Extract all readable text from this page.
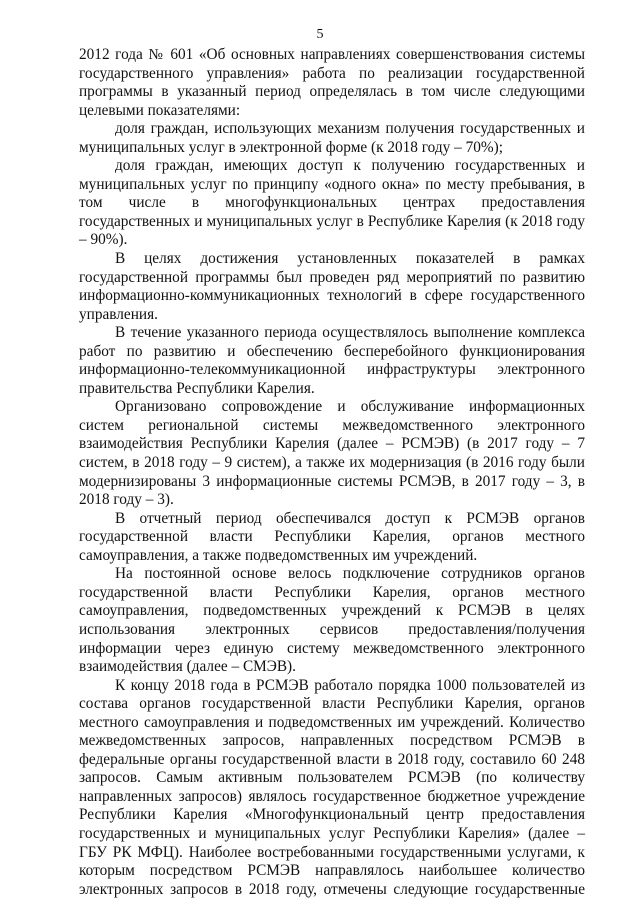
5

2012 года № 601 «Об основных направлениях совершенствования системы государственного управления» работа по реализации государственной программы в указанный период определялась в том числе следующими целевыми показателями:

доля граждан, использующих механизм получения государственных и муниципальных услуг в электронной форме (к 2018 году – 70%);

доля граждан, имеющих доступ к получению государственных и муниципальных услуг по принципу «одного окна» по месту пребывания, в том числе в многофункциональных центрах предоставления государственных и муниципальных услуг в Республике Карелия (к 2018 году – 90%).

В целях достижения установленных показателей в рамках государственной программы был проведен ряд мероприятий по развитию информационно-коммуникационных технологий в сфере государственного управления.

В течение указанного периода осуществлялось выполнение комплекса работ по развитию и обеспечению бесперебойного функционирования информационно-телекоммуникационной инфраструктуры электронного правительства Республики Карелия.

Организовано сопровождение и обслуживание информационных систем региональной системы межведомственного электронного взаимодействия Республики Карелия (далее – РСМЭВ) (в 2017 году – 7 систем, в 2018 году – 9 систем), а также их модернизация (в 2016 году были модернизированы 3 информационные системы РСМЭВ, в 2017 году – 3, в 2018 году – 3).

В отчетный период обеспечивался доступ к РСМЭВ органов государственной власти Республики Карелия, органов местного самоуправления, а также подведомственных им учреждений.

На постоянной основе велось подключение сотрудников органов государственной власти Республики Карелия, органов местного самоуправления, подведомственных учреждений к РСМЭВ в целях использования электронных сервисов предоставления/получения информации через единую систему межведомственного электронного взаимодействия (далее – СМЭВ).

К концу 2018 года в РСМЭВ работало порядка 1000 пользователей из состава органов государственной власти Республики Карелия, органов местного самоуправления и подведомственных им учреждений. Количество межведомственных запросов, направленных посредством РСМЭВ в федеральные органы государственной власти в 2018 году, составило 60 248 запросов. Самым активным пользователем РСМЭВ (по количеству направленных запросов) являлось государственное бюджетное учреждение Республики Карелия «Многофункциональный центр предоставления государственных и муниципальных услуг Республики Карелия» (далее – ГБУ РК МФЦ). Наиболее востребованными государственными услугами, к которым посредством РСМЭВ направлялось наибольшее количество электронных запросов в 2018 году, отмечены следующие государственные
